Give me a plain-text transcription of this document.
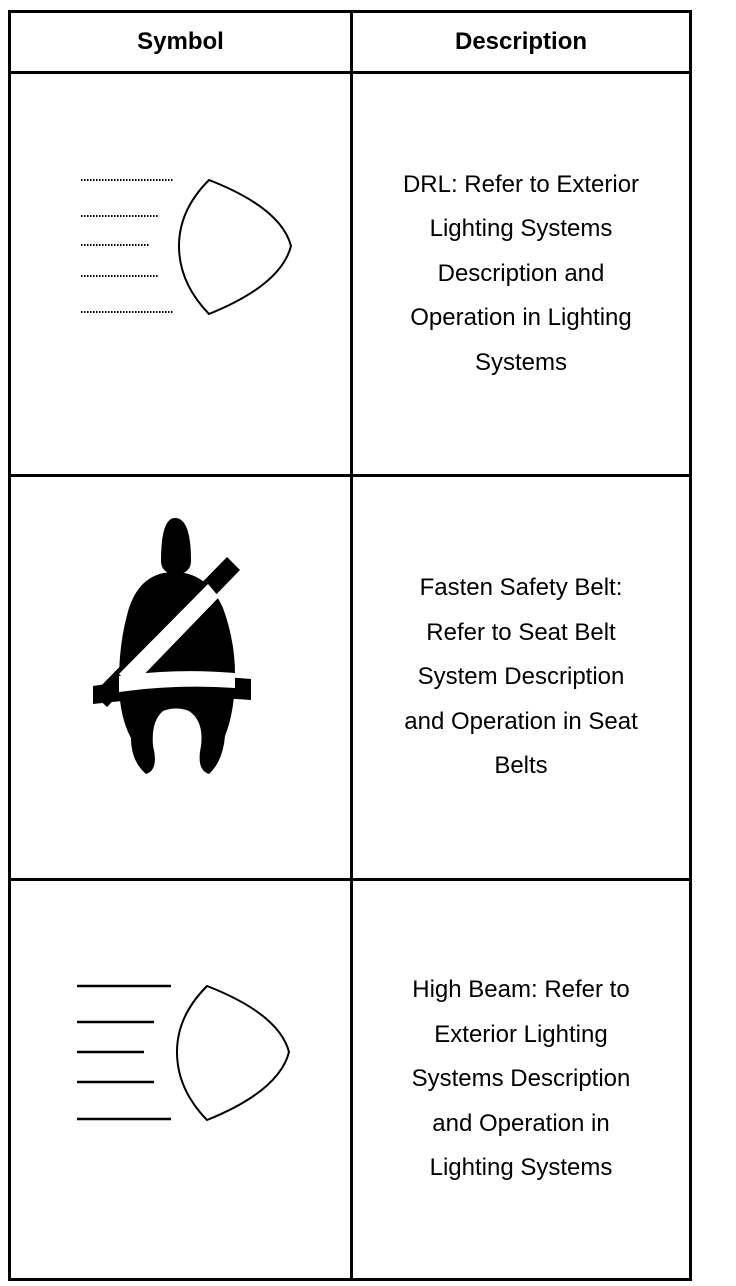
Symbol	Description
DRL: Refer to Exterior
Lighting Systems
Description and
Operation in Lighting
Systems
Fasten Safety Belt:
Refer to Seat Belt
System Description
and Operation in Seat
Belts
High Beam: Refer to
Exterior Lighting
Systems Description
and Operation in
Lighting Systems
